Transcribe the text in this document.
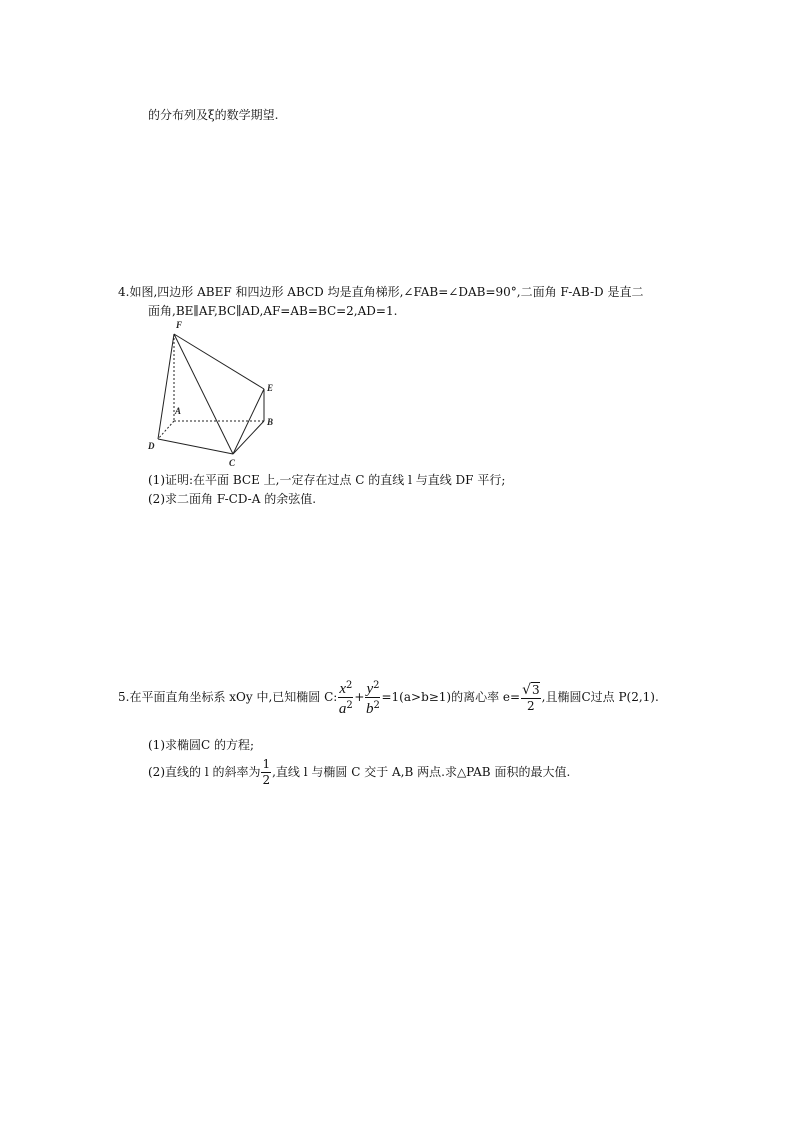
的分布列及ξ的数学期望.
4.如图,四边形 ABEF 和四边形 ABCD 均是直角梯形,∠FAB=∠DAB=90°,二面角 F-AB-D 是直二
面角,BE∥AF,BC∥AD,AF=AB=BC=2,AD=1.
F
E
A
B
D
C
(1)证明:在平面 BCE 上,一定存在过点 C 的直线 l 与直线 DF 平行;
(2)求二面角 F-CD-A 的余弦值.
5.在平面直角坐标系 xOy 中,已知椭圆 C: $\frac{x^2}{a^2} + \frac{y^2}{b^2} =1(a>b\ge 1)$的离心率 $e= \frac{√3}{2}$ ,且椭圆C过点 P(2,1).
(1)求椭圆C 的方程;
(2)直线的 l 的斜率为 $\frac{1}{2}$ ,直线 l 与椭圆 C 交于 A,B 两点.求△PAB 面积的最大值.
